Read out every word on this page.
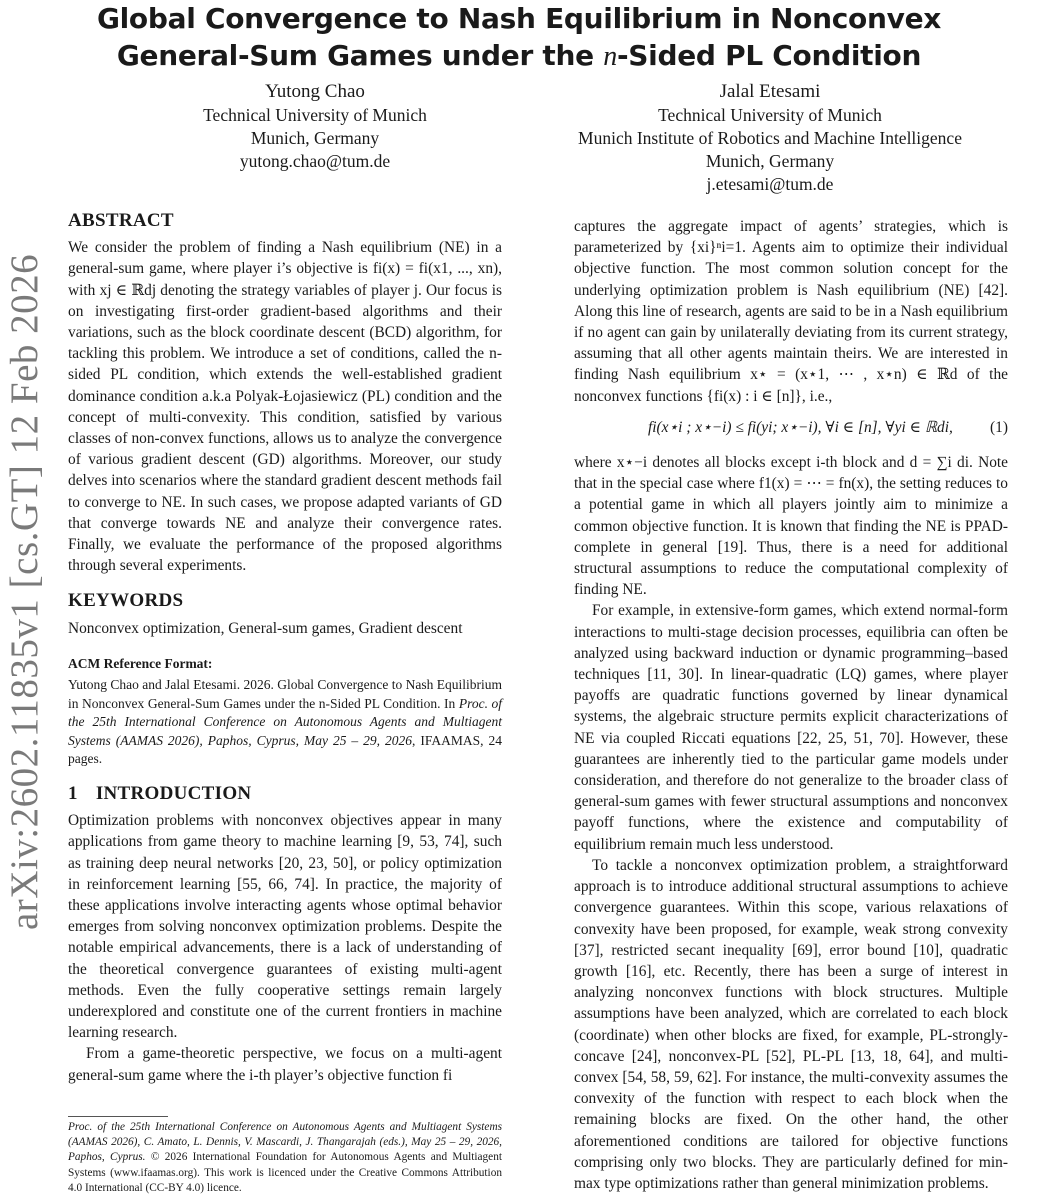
Global Convergence to Nash Equilibrium in Nonconvex
General-Sum Games under the n-Sided PL Condition
Yutong Chao
Technical University of Munich
Munich, Germany
yutong.chao@tum.de
Jalal Etesami
Technical University of Munich
Munich Institute of Robotics and Machine Intelligence
Munich, Germany
j.etesami@tum.de
arXiv:2602.11835v1 [cs.GT] 12 Feb 2026
ABSTRACT

We consider the problem of finding a Nash equilibrium (NE) in a general-sum game, where player i’s objective is fi(x) = fi(x1, ..., xn), with xj ∈ ℝdj denoting the strategy variables of player j. Our focus is on investigating first-order gradient-based algorithms and their variations, such as the block coordinate descent (BCD) algorithm, for tackling this problem. We introduce a set of conditions, called the n-sided PL condition, which extends the well-established gradient dominance condition a.k.a Polyak-Łojasiewicz (PL) condition and the concept of multi-convexity. This condition, satisfied by various classes of non-convex functions, allows us to analyze the convergence of various gradient descent (GD) algorithms. Moreover, our study delves into scenarios where the standard gradient descent methods fail to converge to NE. In such cases, we propose adapted variants of GD that converge towards NE and analyze their convergence rates. Finally, we evaluate the performance of the proposed algorithms through several experiments.

KEYWORDS

Nonconvex optimization, General-sum games, Gradient descent

ACM Reference Format:

Yutong Chao and Jalal Etesami. 2026. Global Convergence to Nash Equilibrium in Nonconvex General-Sum Games under the n-Sided PL Condition. In Proc. of the 25th International Conference on Autonomous Agents and Multiagent Systems (AAMAS 2026), Paphos, Cyprus, May 25 – 29, 2026, IFAAMAS, 24 pages.

1 INTRODUCTION

Optimization problems with nonconvex objectives appear in many applications from game theory to machine learning [9, 53, 74], such as training deep neural networks [20, 23, 50], or policy optimization in reinforcement learning [55, 66, 74]. In practice, the majority of these applications involve interacting agents whose optimal behavior emerges from solving nonconvex optimization problems. Despite the notable empirical advancements, there is a lack of understanding of the theoretical convergence guarantees of existing multi-agent methods. Even the fully cooperative settings remain largely underexplored and constitute one of the current frontiers in machine learning research.

From a game-theoretic perspective, we focus on a multi-agent general-sum game where the i-th player’s objective function fi

captures the aggregate impact of agents’ strategies, which is parameterized by {xi}ⁿi=1. Agents aim to optimize their individual objective function. The most common solution concept for the underlying optimization problem is Nash equilibrium (NE) [42]. Along this line of research, agents are said to be in a Nash equilibrium if no agent can gain by unilaterally deviating from its current strategy, assuming that all other agents maintain theirs. We are interested in finding Nash equilibrium x⋆ = (x⋆1, ⋯ , x⋆n) ∈ ℝd of the nonconvex functions {fi(x) : i ∈ [n]}, i.e.,

fi(x⋆i ; x⋆−i) ≤ fi(yi; x⋆−i), ∀i ∈ [n], ∀yi ∈ ℝdi, (1)

where x⋆−i denotes all blocks except i-th block and d = ∑i di. Note that in the special case where f1(x) = ⋯ = fn(x), the setting reduces to a potential game in which all players jointly aim to minimize a common objective function. It is known that finding the NE is PPAD-complete in general [19]. Thus, there is a need for additional structural assumptions to reduce the computational complexity of finding NE.

For example, in extensive-form games, which extend normal-form interactions to multi-stage decision processes, equilibria can often be analyzed using backward induction or dynamic programming–based techniques [11, 30]. In linear-quadratic (LQ) games, where player payoffs are quadratic functions governed by linear dynamical systems, the algebraic structure permits explicit characterizations of NE via coupled Riccati equations [22, 25, 51, 70]. However, these guarantees are inherently tied to the particular game models under consideration, and therefore do not generalize to the broader class of general-sum games with fewer structural assumptions and nonconvex payoff functions, where the existence and computability of equilibrium remain much less understood.

To tackle a nonconvex optimization problem, a straightforward approach is to introduce additional structural assumptions to achieve convergence guarantees. Within this scope, various relaxations of convexity have been proposed, for example, weak strong convexity [37], restricted secant inequality [69], error bound [10], quadratic growth [16], etc. Recently, there has been a surge of interest in analyzing nonconvex functions with block structures. Multiple assumptions have been analyzed, which are correlated to each block (coordinate) when other blocks are fixed, for example, PL-strongly-concave [24], nonconvex-PL [52], PL-PL [13, 18, 64], and multi-convex [54, 58, 59, 62]. For instance, the multi-convexity assumes the convexity of the function with respect to each block when the remaining blocks are fixed. On the other hand, the other aforementioned conditions are tailored for objective functions comprising only two blocks. They are particularly defined for min-max type optimizations rather than general minimization problems.

Proc. of the 25th International Conference on Autonomous Agents and Multiagent Systems (AAMAS 2026), C. Amato, L. Dennis, V. Mascardi, J. Thangarajah (eds.), May 25 – 29, 2026, Paphos, Cyprus. © 2026 International Foundation for Autonomous Agents and Multiagent Systems (www.ifaamas.org). This work is licenced under the Creative Commons Attribution 4.0 International (CC-BY 4.0) licence.
